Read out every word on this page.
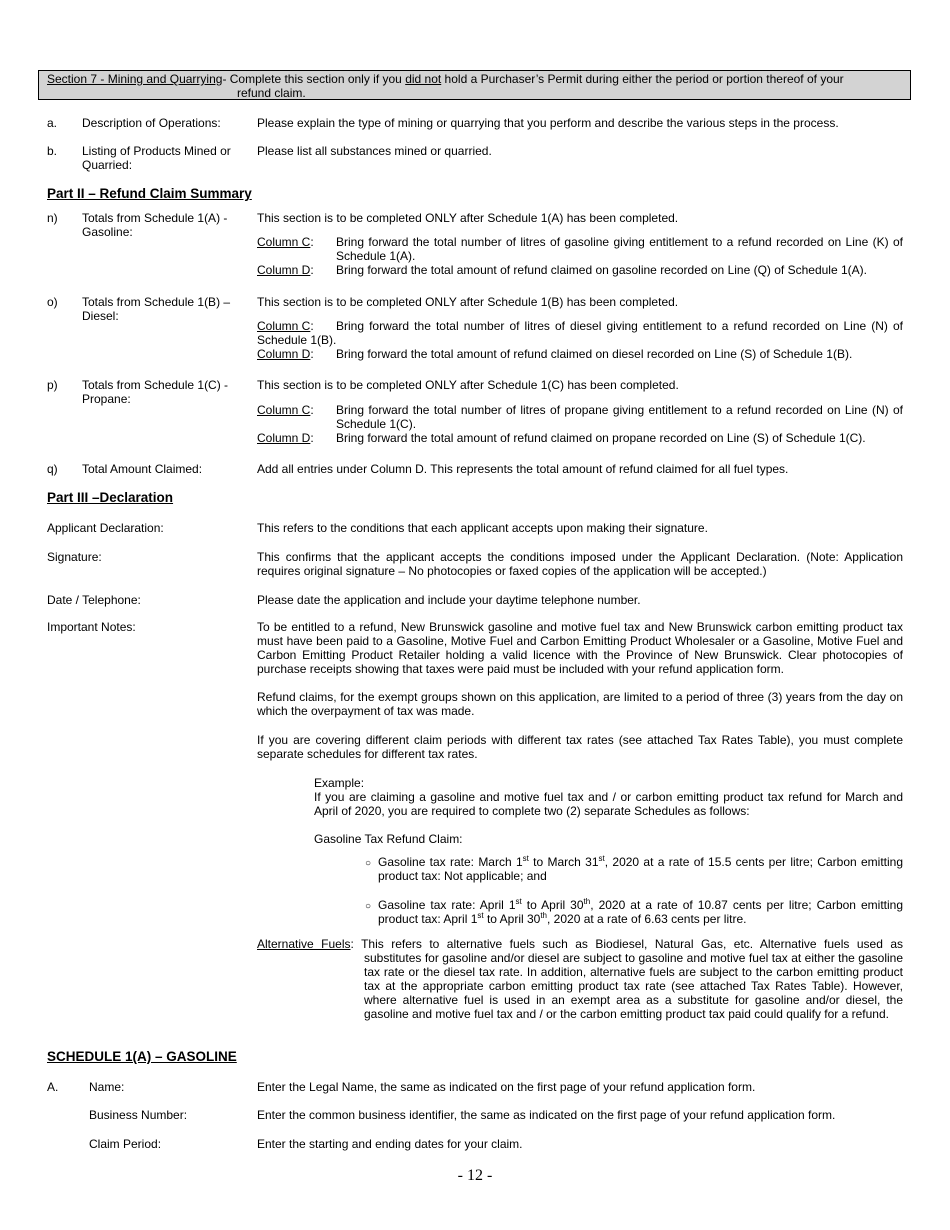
Section 7 - Mining and Quarrying- Complete this section only if you did not hold a Purchaser’s Permit during either the period or portion thereof of your
refund claim.
a. Description of Operations:	Please explain the type of mining or quarrying that you perform and describe the various steps in the process.
b. Listing of Products Mined or Quarried:
Please list all substances mined or quarried.
Part II – Refund Claim Summary
n) Totals from Schedule 1(A) - Gasoline:
This section is to be completed ONLY after Schedule 1(A) has been completed.
Column C: Bring forward the total number of litres of gasoline giving entitlement to a refund recorded on Line (K) of Schedule 1(A).
Column D: Bring forward the total amount of refund claimed on gasoline recorded on Line (Q) of Schedule 1(A).
o) Totals from Schedule 1(B) – Diesel:
This section is to be completed ONLY after Schedule 1(B) has been completed.
Column C: Bring forward the total number of litres of diesel giving entitlement to a refund recorded on Line (N) of
Schedule 1(B).
Column D: Bring forward the total amount of refund claimed on diesel recorded on Line (S) of Schedule 1(B).
p) Totals from Schedule 1(C) - Propane:
This section is to be completed ONLY after Schedule 1(C) has been completed.
Column C: Bring forward the total number of litres of propane giving entitlement to a refund recorded on Line (N) of Schedule 1(C).
Column D: Bring forward the total amount of refund claimed on propane recorded on Line (S) of Schedule 1(C).
q) Total Amount Claimed:	Add all entries under Column D. This represents the total amount of refund claimed for all fuel types.
Part III –Declaration
Applicant Declaration:	This refers to the conditions that each applicant accepts upon making their signature.
Signature:	This confirms that the applicant accepts the conditions imposed under the Applicant Declaration. (Note: Application requires original signature – No photocopies or faxed copies of the application will be accepted.)
Date / Telephone:	Please date the application and include your daytime telephone number.
Important Notes:	To be entitled to a refund, New Brunswick gasoline and motive fuel tax and New Brunswick carbon emitting product tax must have been paid to a Gasoline, Motive Fuel and Carbon Emitting Product Wholesaler or a Gasoline, Motive Fuel and Carbon Emitting Product Retailer holding a valid licence with the Province of New Brunswick. Clear photocopies of purchase receipts showing that taxes were paid must be included with your refund application form.
Refund claims, for the exempt groups shown on this application, are limited to a period of three (3) years from the day on which the overpayment of tax was made.
If you are covering different claim periods with different tax rates (see attached Tax Rates Table), you must complete separate schedules for different tax rates.
Example:
If you are claiming a gasoline and motive fuel tax and / or carbon emitting product tax refund for March and April of 2020, you are required to complete two (2) separate Schedules as follows:
Gasoline Tax Refund Claim:
○ Gasoline tax rate: March 1st to March 31st, 2020 at a rate of 15.5 cents per litre; Carbon emitting product tax: Not applicable; and
○ Gasoline tax rate: April 1st to April 30th, 2020 at a rate of 10.87 cents per litre; Carbon emitting product tax: April 1st to April 30th, 2020 at a rate of 6.63 cents per litre.
Alternative Fuels: This refers to alternative fuels such as Biodiesel, Natural Gas, etc. Alternative fuels used as
substitutes for gasoline and/or diesel are subject to gasoline and motive fuel tax at either the gasoline tax rate or the diesel tax rate. In addition, alternative fuels are subject to the carbon emitting product tax at the appropriate carbon emitting product tax rate (see attached Tax Rates Table). However, where alternative fuel is used in an exempt area as a substitute for gasoline and/or diesel, the gasoline and motive fuel tax and / or the carbon emitting product tax paid could qualify for a refund.
SCHEDULE 1(A) – GASOLINE
A.	Name:	Enter the Legal Name, the same as indicated on the first page of your refund application form.
Business Number:	Enter the common business identifier, the same as indicated on the first page of your refund application form.
Claim Period:	Enter the starting and ending dates for your claim.
- 12 -
